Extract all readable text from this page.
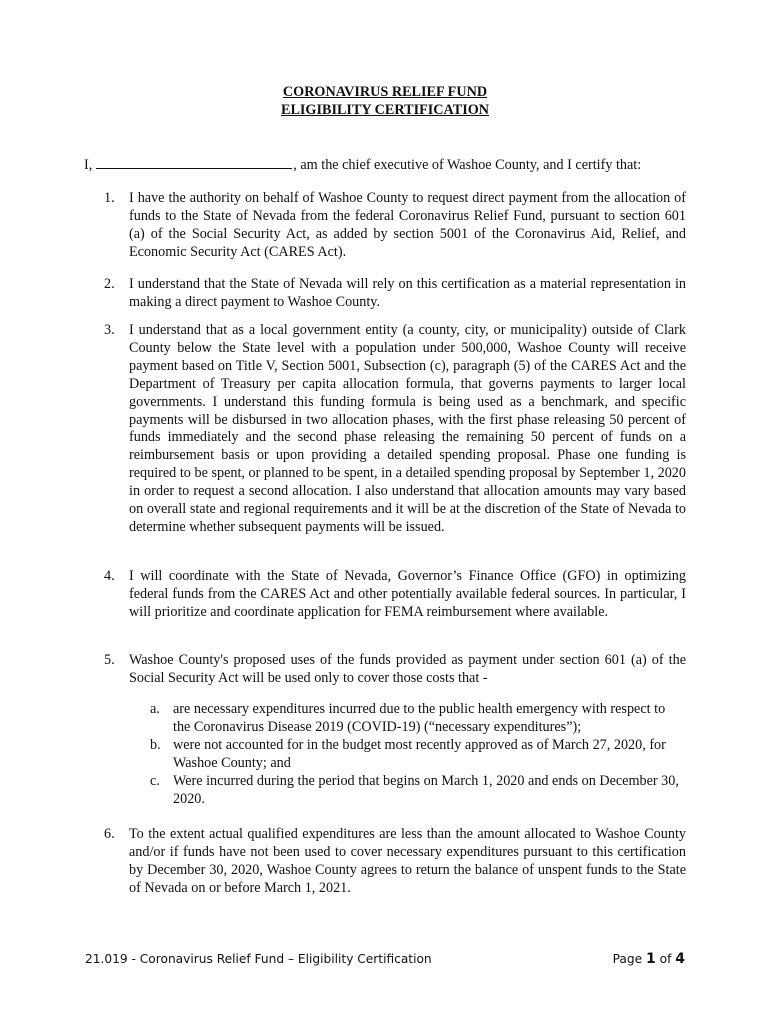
CORONAVIRUS RELIEF FUND
ELIGIBILITY CERTIFICATION
I,	, am the chief executive of Washoe County, and I certify that:
1. I have the authority on behalf of Washoe County to request direct payment from the allocation of funds to the State of Nevada from the federal Coronavirus Relief Fund, pursuant to section 601 (a) of the Social Security Act, as added by section 5001 of the Coronavirus Aid, Relief, and Economic Security Act (CARES Act).
2. I understand that the State of Nevada will rely on this certification as a material representation in making a direct payment to Washoe County.
3. I understand that as a local government entity (a county, city, or municipality) outside of Clark County below the State level with a population under 500,000, Washoe County will receive payment based on Title V, Section 5001, Subsection (c), paragraph (5) of the CARES Act and the Department of Treasury per capita allocation formula, that governs payments to larger local governments. I understand this funding formula is being used as a benchmark, and specific payments will be disbursed in two allocation phases, with the first phase releasing 50 percent of funds immediately and the second phase releasing the remaining 50 percent of funds on a reimbursement basis or upon providing a detailed spending proposal. Phase one funding is required to be spent, or planned to be spent, in a detailed spending proposal by September 1, 2020 in order to request a second allocation. I also understand that allocation amounts may vary based on overall state and regional requirements and it will be at the discretion of the State of Nevada to determine whether subsequent payments will be issued.
4. I will coordinate with the State of Nevada, Governor’s Finance Office (GFO) in optimizing federal funds from the CARES Act and other potentially available federal sources. In particular, I will prioritize and coordinate application for FEMA reimbursement where available.
5. Washoe County's proposed uses of the funds provided as payment under section 601 (a) of the Social Security Act will be used only to cover those costs that -
a. are necessary expenditures incurred due to the public health emergency with respect to the Coronavirus Disease 2019 (COVID-19) (“necessary expenditures”);
b. were not accounted for in the budget most recently approved as of March 27, 2020, for Washoe County; and
c. Were incurred during the period that begins on March 1, 2020 and ends on December 30, 2020.
6. To the extent actual qualified expenditures are less than the amount allocated to Washoe County and/or if funds have not been used to cover necessary expenditures pursuant to this certification by December 30, 2020, Washoe County agrees to return the balance of unspent funds to the State of Nevada on or before March 1, 2021.
21.019 - Coronavirus Relief Fund – Eligibility Certification	Page 1 of 4
